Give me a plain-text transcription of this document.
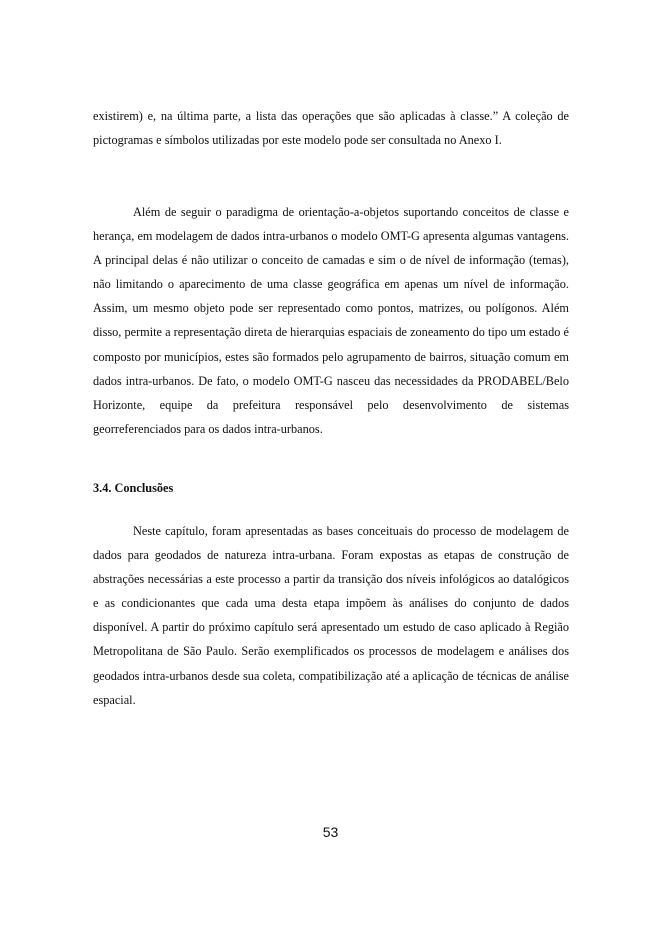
existirem) e, na última parte, a lista das operações que são aplicadas à classe.” A coleção de pictogramas e símbolos utilizadas por este modelo pode ser consultada no Anexo I.

Além de seguir o paradigma de orientação-a-objetos suportando conceitos de classe e herança, em modelagem de dados intra-urbanos o modelo OMT-G apresenta algumas vantagens. A principal delas é não utilizar o conceito de camadas e sim o de nível de informação (temas), não limitando o aparecimento de uma classe geográfica em apenas um nível de informação. Assim, um mesmo objeto pode ser representado como pontos, matrizes, ou polígonos. Além disso, permite a representação direta de hierarquias espaciais de zoneamento do tipo um estado é composto por municípios, estes são formados pelo agrupamento de bairros, situação comum em dados intra-urbanos. De fato, o modelo OMT-G nasceu das necessidades da PRODABEL/Belo Horizonte, equipe da prefeitura responsável pelo desenvolvimento de sistemas georreferenciados para os dados intra-urbanos.

3.4. Conclusões

Neste capítulo, foram apresentadas as bases conceituais do processo de modelagem de dados para geodados de natureza intra-urbana. Foram expostas as etapas de construção de abstrações necessárias a este processo a partir da transição dos níveis infológicos ao datalógicos e as condicionantes que cada uma desta etapa impõem às análises do conjunto de dados disponível. A partir do próximo capítulo será apresentado um estudo de caso aplicado à Região Metropolitana de São Paulo. Serão exemplificados os processos de modelagem e análises dos geodados intra-urbanos desde sua coleta, compatibilização até a aplicação de técnicas de análise espacial.

53
